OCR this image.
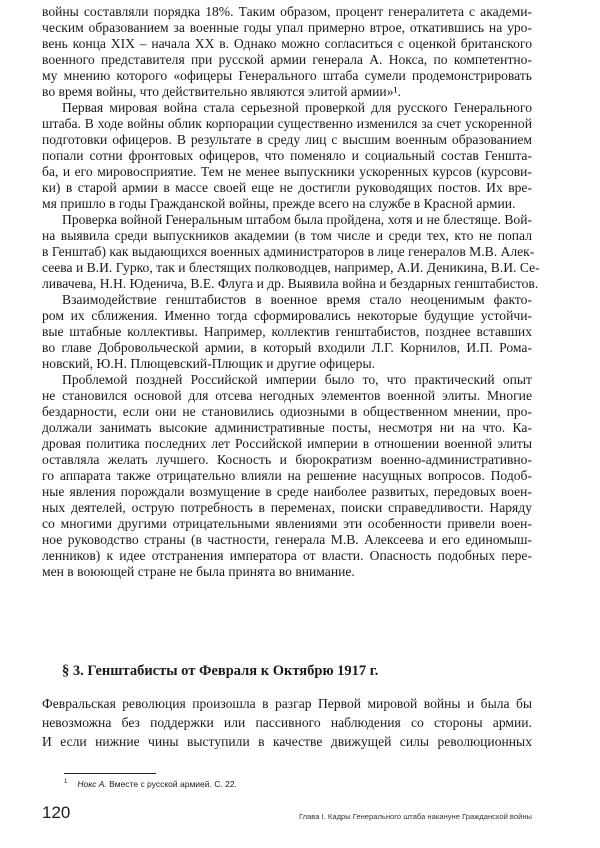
войны составляли порядка 18%. Таким образом, процент генералитета с академи-
ческим образованием за военные годы упал примерно втрое, откатившись на уро-
вень конца XIX – начала XX в. Однако можно согласиться с оценкой британского
военного представителя при русской армии генерала А. Нокса, по компетентно-
му мнению которого «офицеры Генерального штаба сумели продемонстрировать
во время войны, что действительно являются элитой армии»¹.
Первая мировая война стала серьезной проверкой для русского Генерального
штаба. В ходе войны облик корпорации существенно изменился за счет ускоренной
подготовки офицеров. В результате в среду лиц с высшим военным образованием
попали сотни фронтовых офицеров, что поменяло и социальный состав Геншта-
ба, и его мировосприятие. Тем не менее выпускники ускоренных курсов (курсови-
ки) в старой армии в массе своей еще не достигли руководящих постов. Их вре-
мя пришло в годы Гражданской войны, прежде всего на службе в Красной армии.
Проверка войной Генеральным штабом была пройдена, хотя и не блестяще. Вой-
на выявила среди выпускников академии (в том числе и среди тех, кто не попал
в Генштаб) как выдающихся военных администраторов в лице генералов М.В. Алек-
сеева и В.И. Гурко, так и блестящих полководцев, например, А.И. Деникина, В.И. Се-
ливачева, Н.Н. Юденича, В.Е. Флуга и др. Выявила война и бездарных генштабистов.
Взаимодействие генштабистов в военное время стало неоценимым факто-
ром их сближения. Именно тогда сформировались некоторые будущие устойчи-
вые штабные коллективы. Например, коллектив генштабистов, позднее вставших
во главе Добровольческой армии, в который входили Л.Г. Корнилов, И.П. Рома-
новский, Ю.Н. Плющевский-Плющик и другие офицеры.
Проблемой поздней Российской империи было то, что практический опыт
не становился основой для отсева негодных элементов военной элиты. Многие
бездарности, если они не становились одиозными в общественном мнении, про-
должали занимать высокие административные посты, несмотря ни на что. Ка-
дровая политика последних лет Российской империи в отношении военной элиты
оставляла желать лучшего. Косность и бюрократизм военно-административно-
го аппарата также отрицательно влияли на решение насущных вопросов. Подоб-
ные явления порождали возмущение в среде наиболее развитых, передовых воен-
ных деятелей, острую потребность в переменах, поиски справедливости. Наряду
со многими другими отрицательными явлениями эти особенности привели воен-
ное руководство страны (в частности, генерала М.В. Алексеева и его единомыш-
ленников) к идее отстранения императора от власти. Опасность подобных пере-
мен в воюющей стране не была принята во внимание.
§ 3. Генштабисты от Февраля к Октябрю 1917 г.
Февральская революция произошла в разгар Первой мировой войны и была бы
невозможна без поддержки или пассивного наблюдения со стороны армии.
И если нижние чины выступили в качестве движущей силы революционных
$^1$ Нокс А. Вместе с русской армией. С. 22.
120	Глава I. Кадры Генерального штаба накануне Гражданской войны
